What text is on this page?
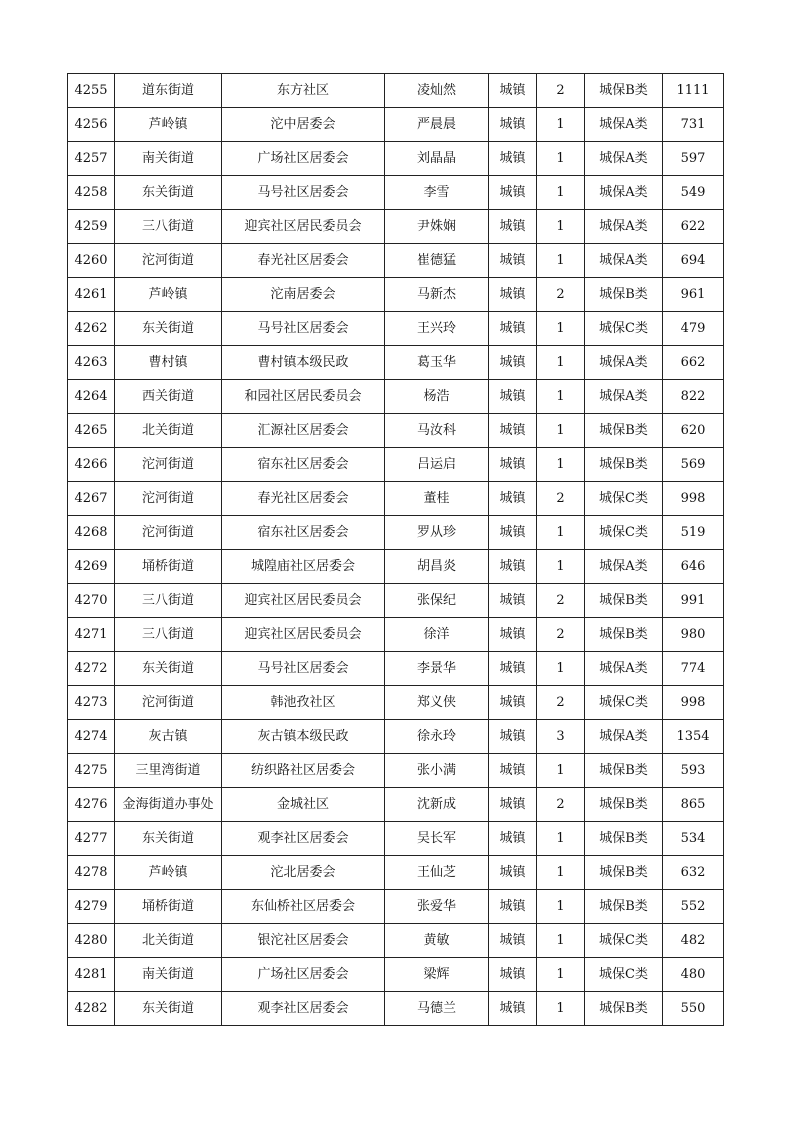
4255	道东街道	东方社区	凌灿然	城镇	2	城保B类	1111
4256	芦岭镇	沱中居委会	严晨晨	城镇	1	城保A类	731
4257	南关街道	广场社区居委会	刘晶晶	城镇	1	城保A类	597
4258	东关街道	马号社区居委会	李雪	城镇	1	城保A类	549
4259	三八街道	迎宾社区居民委员会	尹姝娴	城镇	1	城保A类	622
4260	沱河街道	春光社区居委会	崔德猛	城镇	1	城保A类	694
4261	芦岭镇	沱南居委会	马新杰	城镇	2	城保B类	961
4262	东关街道	马号社区居委会	王兴玲	城镇	1	城保C类	479
4263	曹村镇	曹村镇本级民政	葛玉华	城镇	1	城保A类	662
4264	西关街道	和园社区居民委员会	杨浩	城镇	1	城保A类	822
4265	北关街道	汇源社区居委会	马汝科	城镇	1	城保B类	620
4266	沱河街道	宿东社区居委会	吕运启	城镇	1	城保B类	569
4267	沱河街道	春光社区居委会	董桂	城镇	2	城保C类	998
4268	沱河街道	宿东社区居委会	罗从珍	城镇	1	城保C类	519
4269	埇桥街道	城隍庙社区居委会	胡昌炎	城镇	1	城保A类	646
4270	三八街道	迎宾社区居民委员会	张保纪	城镇	2	城保B类	991
4271	三八街道	迎宾社区居民委员会	徐洋	城镇	2	城保B类	980
4272	东关街道	马号社区居委会	李景华	城镇	1	城保A类	774
4273	沱河街道	韩池孜社区	郑义侠	城镇	2	城保C类	998
4274	灰古镇	灰古镇本级民政	徐永玲	城镇	3	城保A类	1354
4275	三里湾街道	纺织路社区居委会	张小满	城镇	1	城保B类	593
4276	金海街道办事处	金城社区	沈新成	城镇	2	城保B类	865
4277	东关街道	观李社区居委会	吴长军	城镇	1	城保B类	534
4278	芦岭镇	沱北居委会	王仙芝	城镇	1	城保B类	632
4279	埇桥街道	东仙桥社区居委会	张爱华	城镇	1	城保B类	552
4280	北关街道	银沱社区居委会	黄敏	城镇	1	城保C类	482
4281	南关街道	广场社区居委会	梁辉	城镇	1	城保C类	480
4282	东关街道	观李社区居委会	马德兰	城镇	1	城保B类	550
